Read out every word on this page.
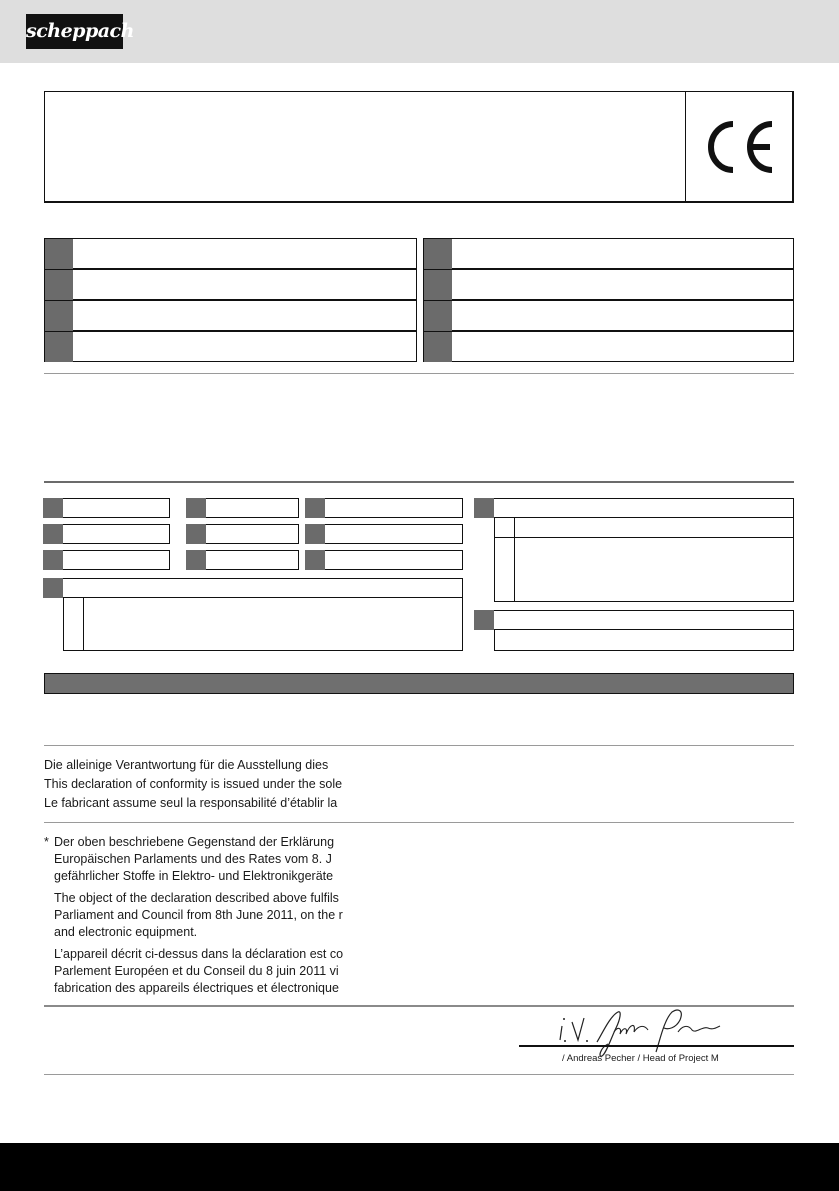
scheppach
Die alleinige Verantwortung für die Ausstellung dies
This declaration of conformity is issued under the sole
Le fabricant assume seul la responsabilité d’établir la
* Der oben beschriebene Gegenstand der Erklärung
Europäischen Parlaments und des Rates vom 8. J
gefährlicher Stoffe in Elektro- und Elektronikgeräte
The object of the declaration described above fulfils
Parliament and Council from 8th June 2011, on the r
and electronic equipment.
L’appareil décrit ci-dessus dans la déclaration est co
Parlement Européen et du Conseil du 8 juin 2011 vi
fabrication des appareils électriques et électronique
/ Andreas Pecher / Head of Project M
